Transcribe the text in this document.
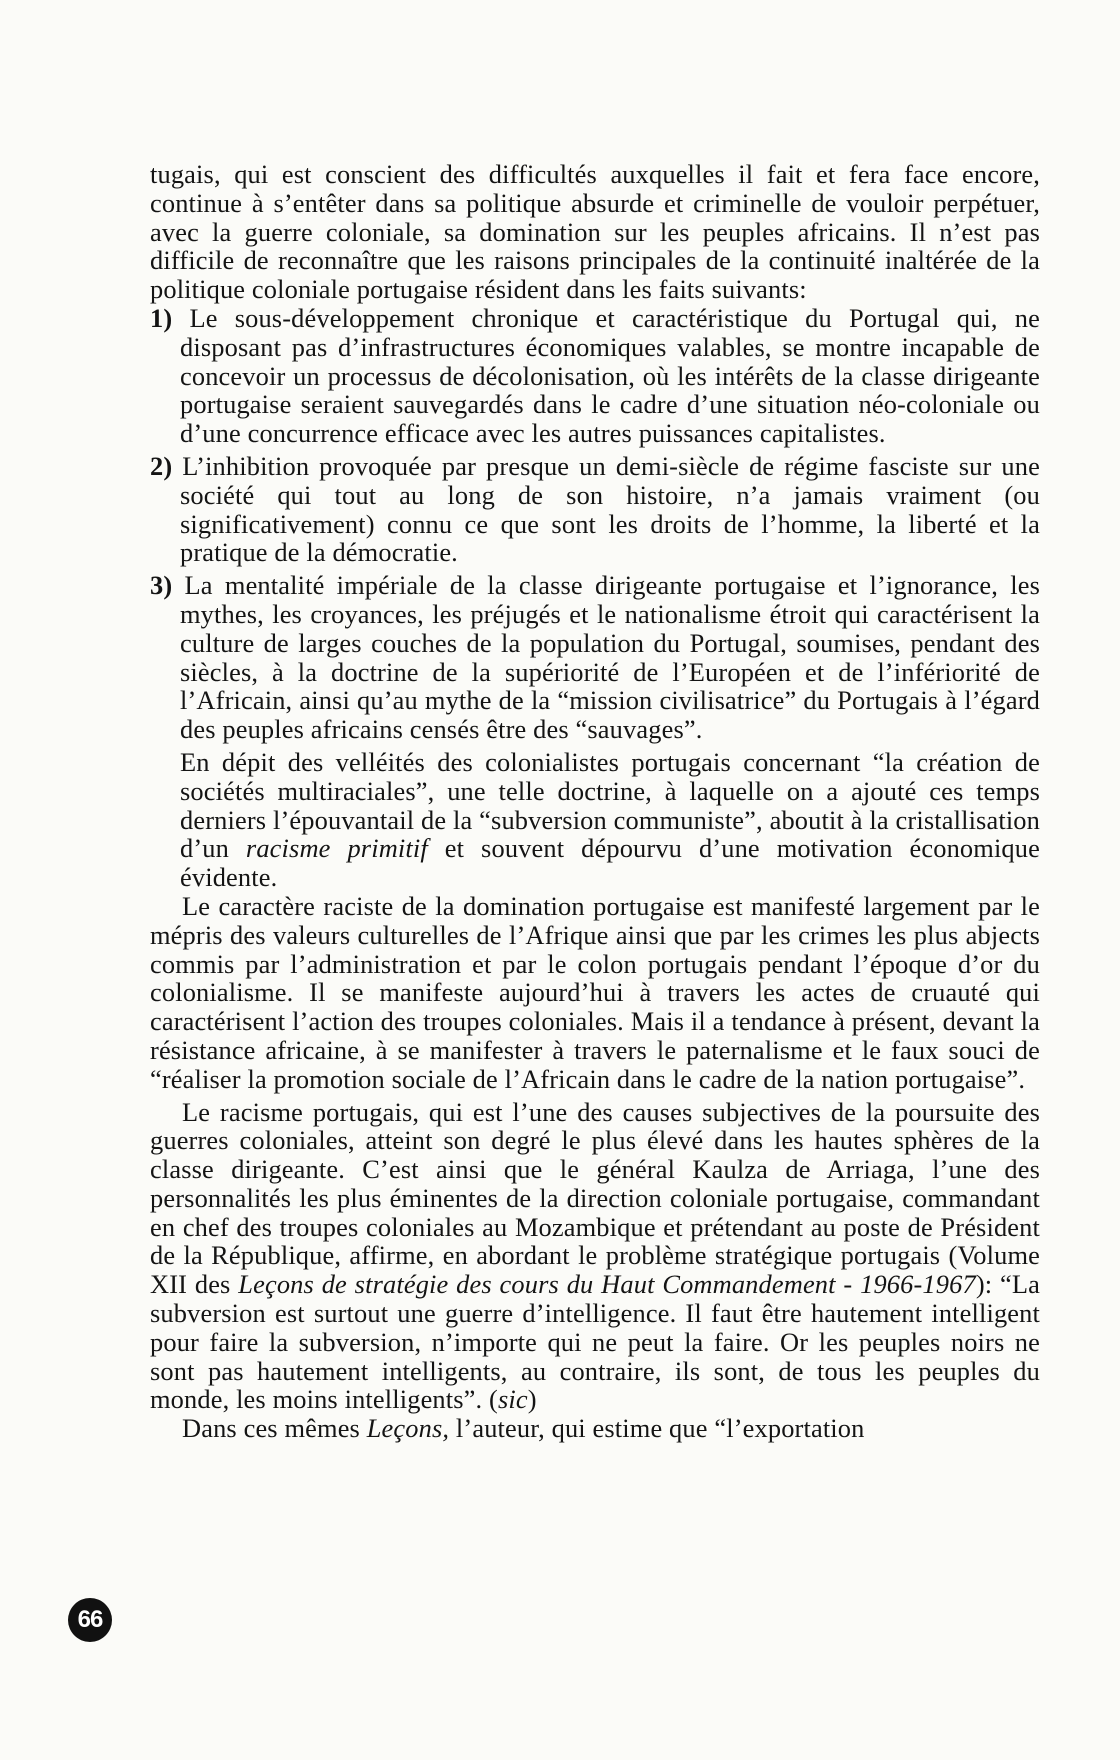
tugais, qui est conscient des difficultés auxquelles il fait et fera face encore, continue à s’entêter dans sa politique absurde et criminelle de vouloir perpétuer, avec la guerre coloniale, sa domination sur les peuples africains. Il n’est pas difficile de reconnaître que les raisons principales de la continuité inaltérée de la politique coloniale portugaise résident dans les faits suivants:

1) Le sous-développement chronique et caractéristique du Portugal qui, ne disposant pas d’infrastructures économiques valables, se montre incapable de concevoir un processus de décolonisation, où les intérêts de la classe dirigeante portugaise seraient sauvegardés dans le cadre d’une situation néo-coloniale ou d’une concurrence efficace avec les autres puissances capitalistes.

2) L’inhibition provoquée par presque un demi-siècle de régime fasciste sur une société qui tout au long de son histoire, n’a jamais vraiment (ou significativement) connu ce que sont les droits de l’homme, la liberté et la pratique de la démocratie.

3) La mentalité impériale de la classe dirigeante portugaise et l’ignorance, les mythes, les croyances, les préjugés et le nationalisme étroit qui caractérisent la culture de larges couches de la population du Portugal, soumises, pendant des siècles, à la doctrine de la supériorité de l’Européen et de l’infériorité de l’Africain, ainsi qu’au mythe de la “mission civilisatrice” du Portugais à l’égard des peuples africains censés être des “sauvages”.

En dépit des velléités des colonialistes portugais concernant “la création de sociétés multiraciales”, une telle doctrine, à laquelle on a ajouté ces temps derniers l’épouvantail de la “subversion communiste”, aboutit à la cristallisation d’un racisme primitif et souvent dépourvu d’une motivation économique évidente.

Le caractère raciste de la domination portugaise est manifesté largement par le mépris des valeurs culturelles de l’Afrique ainsi que par les crimes les plus abjects commis par l’administration et par le colon portugais pendant l’époque d’or du colonialisme. Il se manifeste aujourd’hui à travers les actes de cruauté qui caractérisent l’action des troupes coloniales. Mais il a tendance à présent, devant la résistance africaine, à se manifester à travers le paternalisme et le faux souci de “réaliser la promotion sociale de l’Africain dans le cadre de la nation portugaise”.

Le racisme portugais, qui est l’une des causes subjectives de la poursuite des guerres coloniales, atteint son degré le plus élevé dans les hautes sphères de la classe dirigeante. C’est ainsi que le général Kaulza de Arriaga, l’une des personnalités les plus éminentes de la direction coloniale portugaise, commandant en chef des troupes coloniales au Mozambique et prétendant au poste de Président de la République, affirme, en abordant le problème stratégique portugais (Volume XII des Leçons de stratégie des cours du Haut Commandement - 1966-1967): “La subversion est surtout une guerre d’intelligence. Il faut être hautement intelligent pour faire la subversion, n’importe qui ne peut la faire. Or les peuples noirs ne sont pas hautement intelligents, au contraire, ils sont, de tous les peuples du monde, les moins intelligents”. (sic)

Dans ces mêmes Leçons, l’auteur, qui estime que “l’exportation

66
